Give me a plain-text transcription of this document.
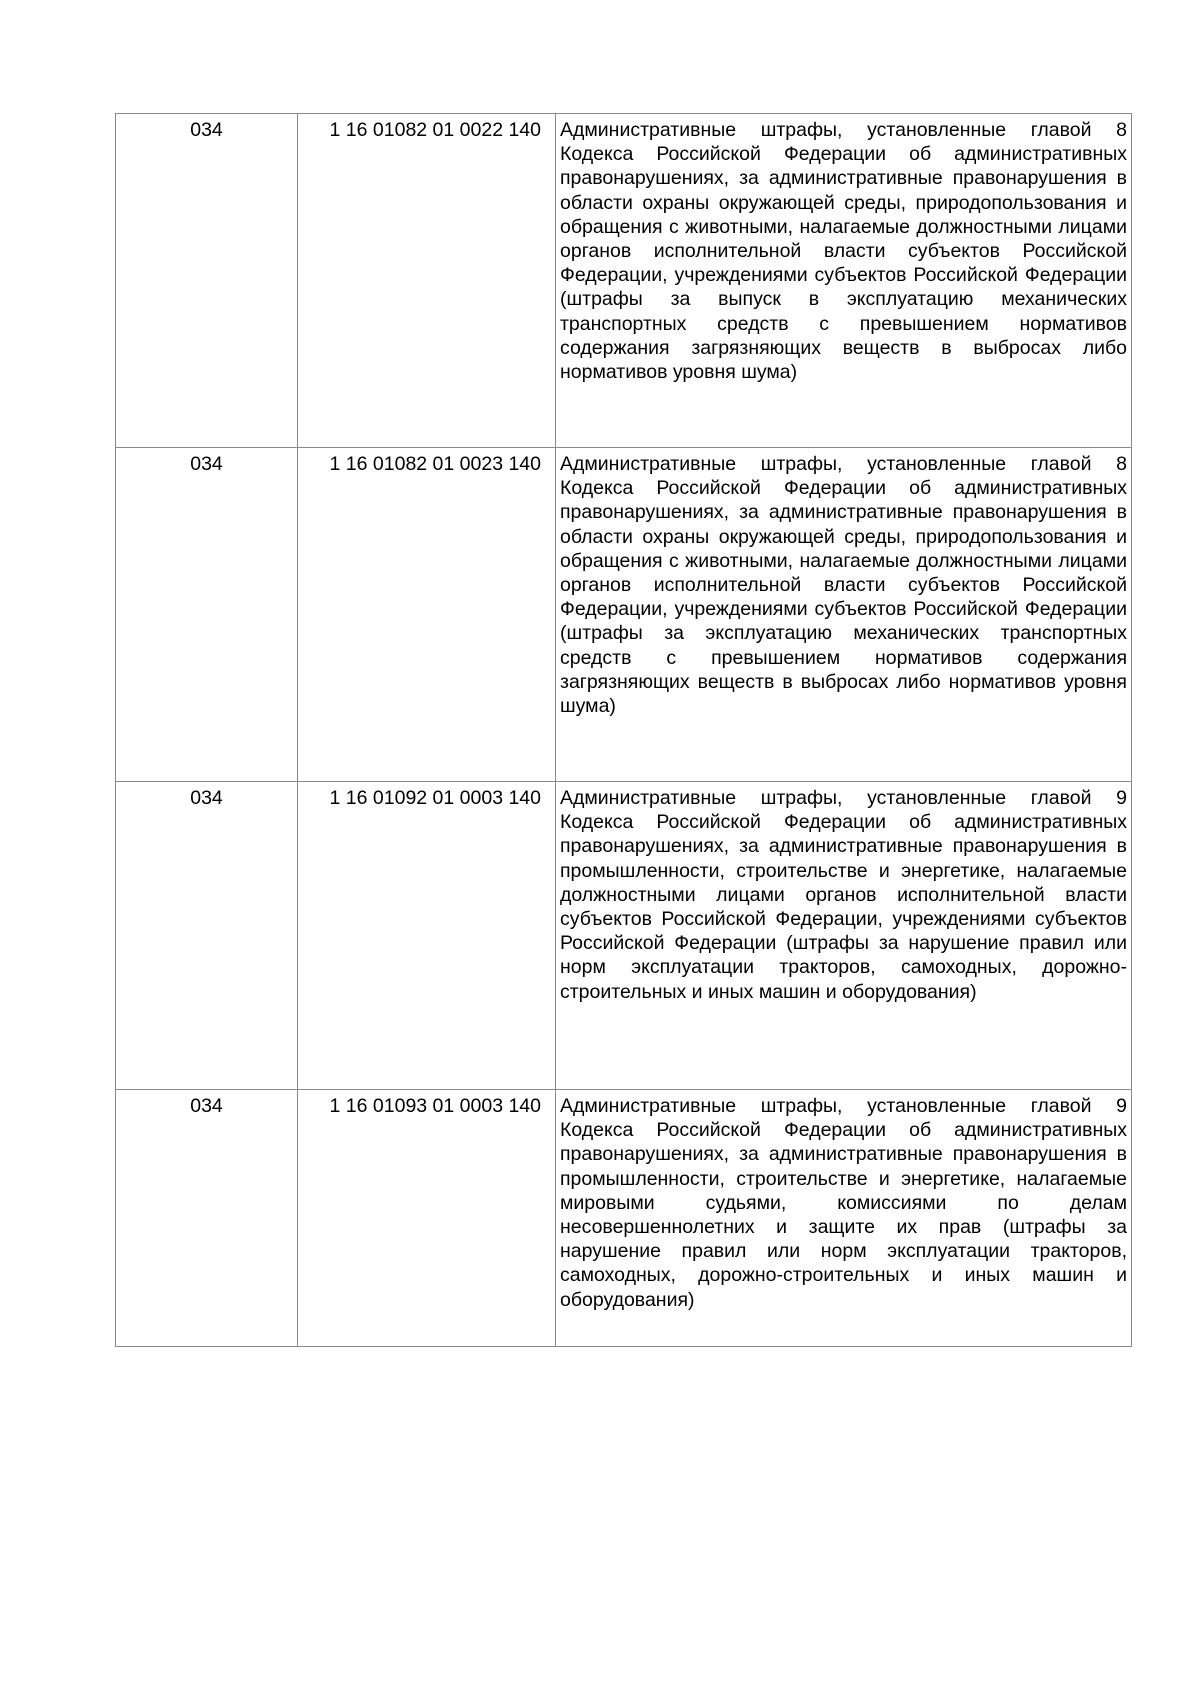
034	1 16 01082 01 0022 140	Административные штрафы, установленные главой 8 Кодекса Российской Федерации об административных правонарушениях, за административные правонарушения в области охраны окружающей среды, природопользования и обращения с животными, налагаемые должностными лицами органов исполнительной власти субъектов Российской Федерации, учреждениями субъектов Российской Федерации (штрафы за выпуск в эксплуатацию механических транспортных средств с превышением нормативов содержания загрязняющих веществ в выбросах либо нормативов уровня шума)
034	1 16 01082 01 0023 140	Административные штрафы, установленные главой 8 Кодекса Российской Федерации об административных правонарушениях, за административные правонарушения в области охраны окружающей среды, природопользования и обращения с животными, налагаемые должностными лицами органов исполнительной власти субъектов Российской Федерации, учреждениями субъектов Российской Федерации (штрафы за эксплуатацию механических транспортных средств с превышением нормативов содержания загрязняющих веществ в выбросах либо нормативов уровня шума)
034	1 16 01092 01 0003 140	Административные штрафы, установленные главой 9 Кодекса Российской Федерации об административных правонарушениях, за административные правонарушения в промышленности, строительстве и энергетике, налагаемые должностными лицами органов исполнительной власти субъектов Российской Федерации, учреждениями субъектов Российской Федерации (штрафы за нарушение правил или норм эксплуатации тракторов, самоходных, дорожно-строительных и иных машин и оборудования)
034	1 16 01093 01 0003 140	Административные штрафы, установленные главой 9 Кодекса Российской Федерации об административных правонарушениях, за административные правонарушения в промышленности, строительстве и энергетике, налагаемые мировыми судьями, комиссиями по делам несовершеннолетних и защите их прав (штрафы за нарушение правил или норм эксплуатации тракторов, самоходных, дорожно-строительных и иных машин и оборудования)
